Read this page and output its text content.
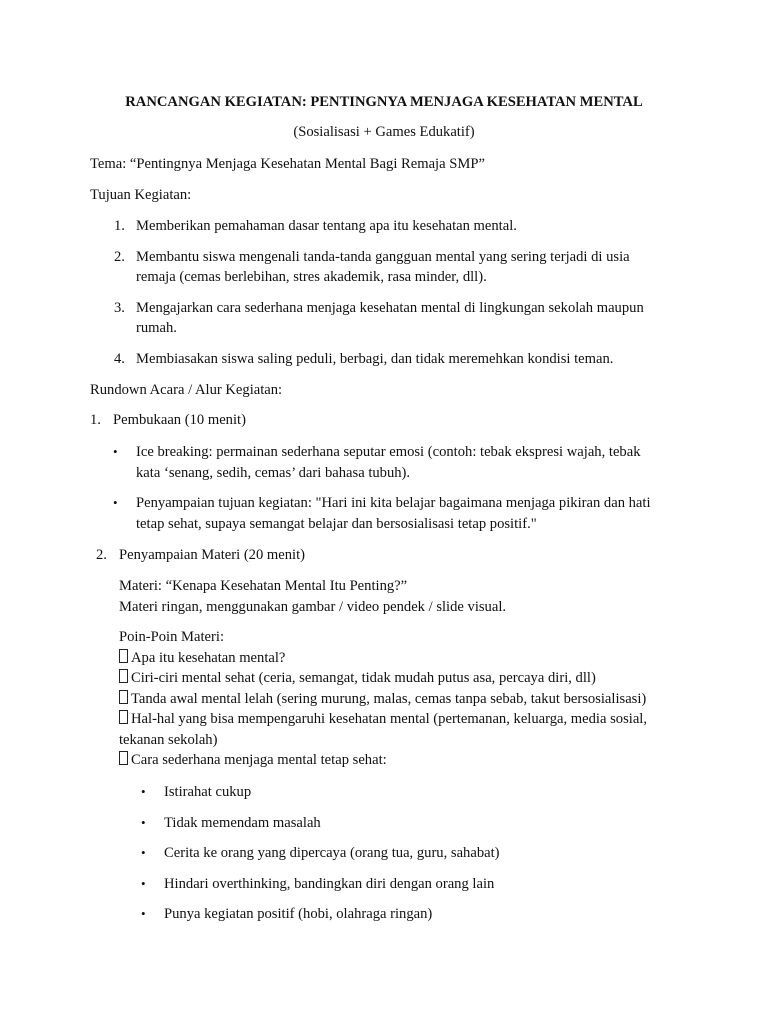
RANCANGAN KEGIATAN: PENTINGNYA MENJAGA KESEHATAN MENTAL
(Sosialisasi + Games Edukatif)
Tema: “Pentingnya Menjaga Kesehatan Mental Bagi Remaja SMP”
Tujuan Kegiatan:
1. Memberikan pemahaman dasar tentang apa itu kesehatan mental.
2. Membantu siswa mengenali tanda-tanda gangguan mental yang sering terjadi di usia
remaja (cemas berlebihan, stres akademik, rasa minder, dll).
3. Mengajarkan cara sederhana menjaga kesehatan mental di lingkungan sekolah maupun
rumah.
4. Membiasakan siswa saling peduli, berbagi, dan tidak meremehkan kondisi teman.
Rundown Acara / Alur Kegiatan:
1. Pembukaan (10 menit)
• Ice breaking: permainan sederhana seputar emosi (contoh: tebak ekspresi wajah, tebak
kata ‘senang, sedih, cemas’ dari bahasa tubuh).
• Penyampaian tujuan kegiatan: "Hari ini kita belajar bagaimana menjaga pikiran dan hati
tetap sehat, supaya semangat belajar dan bersosialisasi tetap positif."
2. Penyampaian Materi (20 menit)
Materi: “Kenapa Kesehatan Mental Itu Penting?”
Materi ringan, menggunakan gambar / video pendek / slide visual.
Poin-Poin Materi:
Apa itu kesehatan mental?
Ciri-ciri mental sehat (ceria, semangat, tidak mudah putus asa, percaya diri, dll)
Tanda awal mental lelah (sering murung, malas, cemas tanpa sebab, takut bersosialisasi)
Hal-hal yang bisa mempengaruhi kesehatan mental (pertemanan, keluarga, media sosial,
tekanan sekolah)
Cara sederhana menjaga mental tetap sehat:
• Istirahat cukup
• Tidak memendam masalah
• Cerita ke orang yang dipercaya (orang tua, guru, sahabat)
• Hindari overthinking, bandingkan diri dengan orang lain
• Punya kegiatan positif (hobi, olahraga ringan)
